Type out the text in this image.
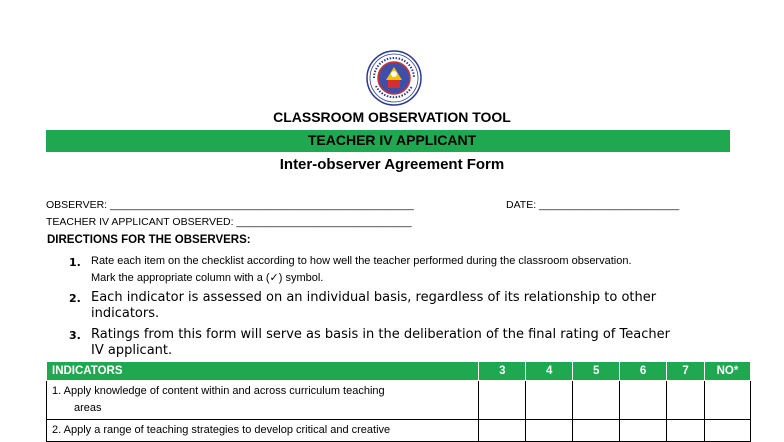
CLASSROOM OBSERVATION TOOL
TEACHER IV APPLICANT
Inter-observer Agreement Form
OBSERVER: ____________________________________________________	DATE: ________________________
TEACHER IV APPLICANT OBSERVED: ______________________________
DIRECTIONS FOR THE OBSERVERS:
1. Rate each item on the checklist according to how well the teacher performed during the classroom observation.
Mark the appropriate column with a (✓) symbol.
2. Each indicator is assessed on an individual basis, regardless of its relationship to other
indicators.
3. Ratings from this form will serve as basis in the deliberation of the final rating of Teacher
IV applicant.
INDICATORS	3	4	5	6	7	NO*

1. Apply knowledge of content within and across curriculum teaching
areas						

2. Apply a range of teaching strategies to develop critical and creative						
